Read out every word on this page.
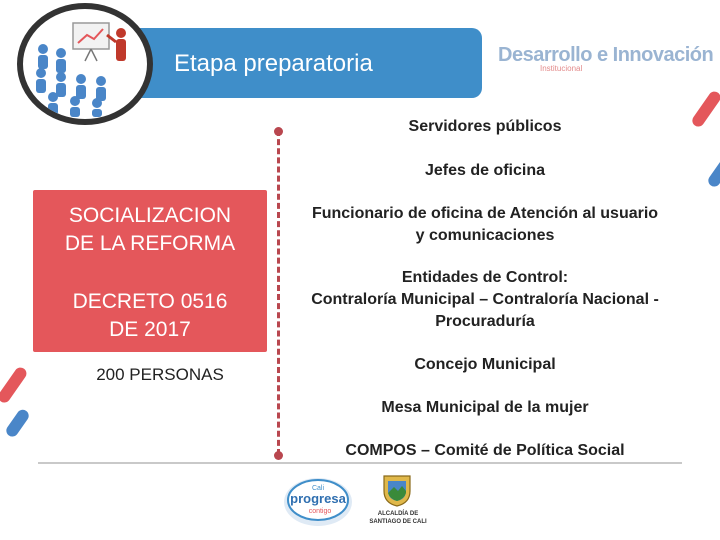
Etapa preparatoria	Desarrollo e Innovación
Institucional
SOCIALIZACION
DE LA REFORMA
DECRETO 0516
DE 2017
200 PERSONAS
Servidores públicos
Jefes de oficina
Funcionario de oficina de Atención al usuario
y comunicaciones
Entidades de Control:
Contraloría Municipal – Contraloría Nacional -
Procuraduría
Concejo Municipal
Mesa Municipal de la mujer
COMPOS – Comité de Política Social
Cali
progresa
contigo	ALCALDÍA DE
SANTIAGO DE CALI
